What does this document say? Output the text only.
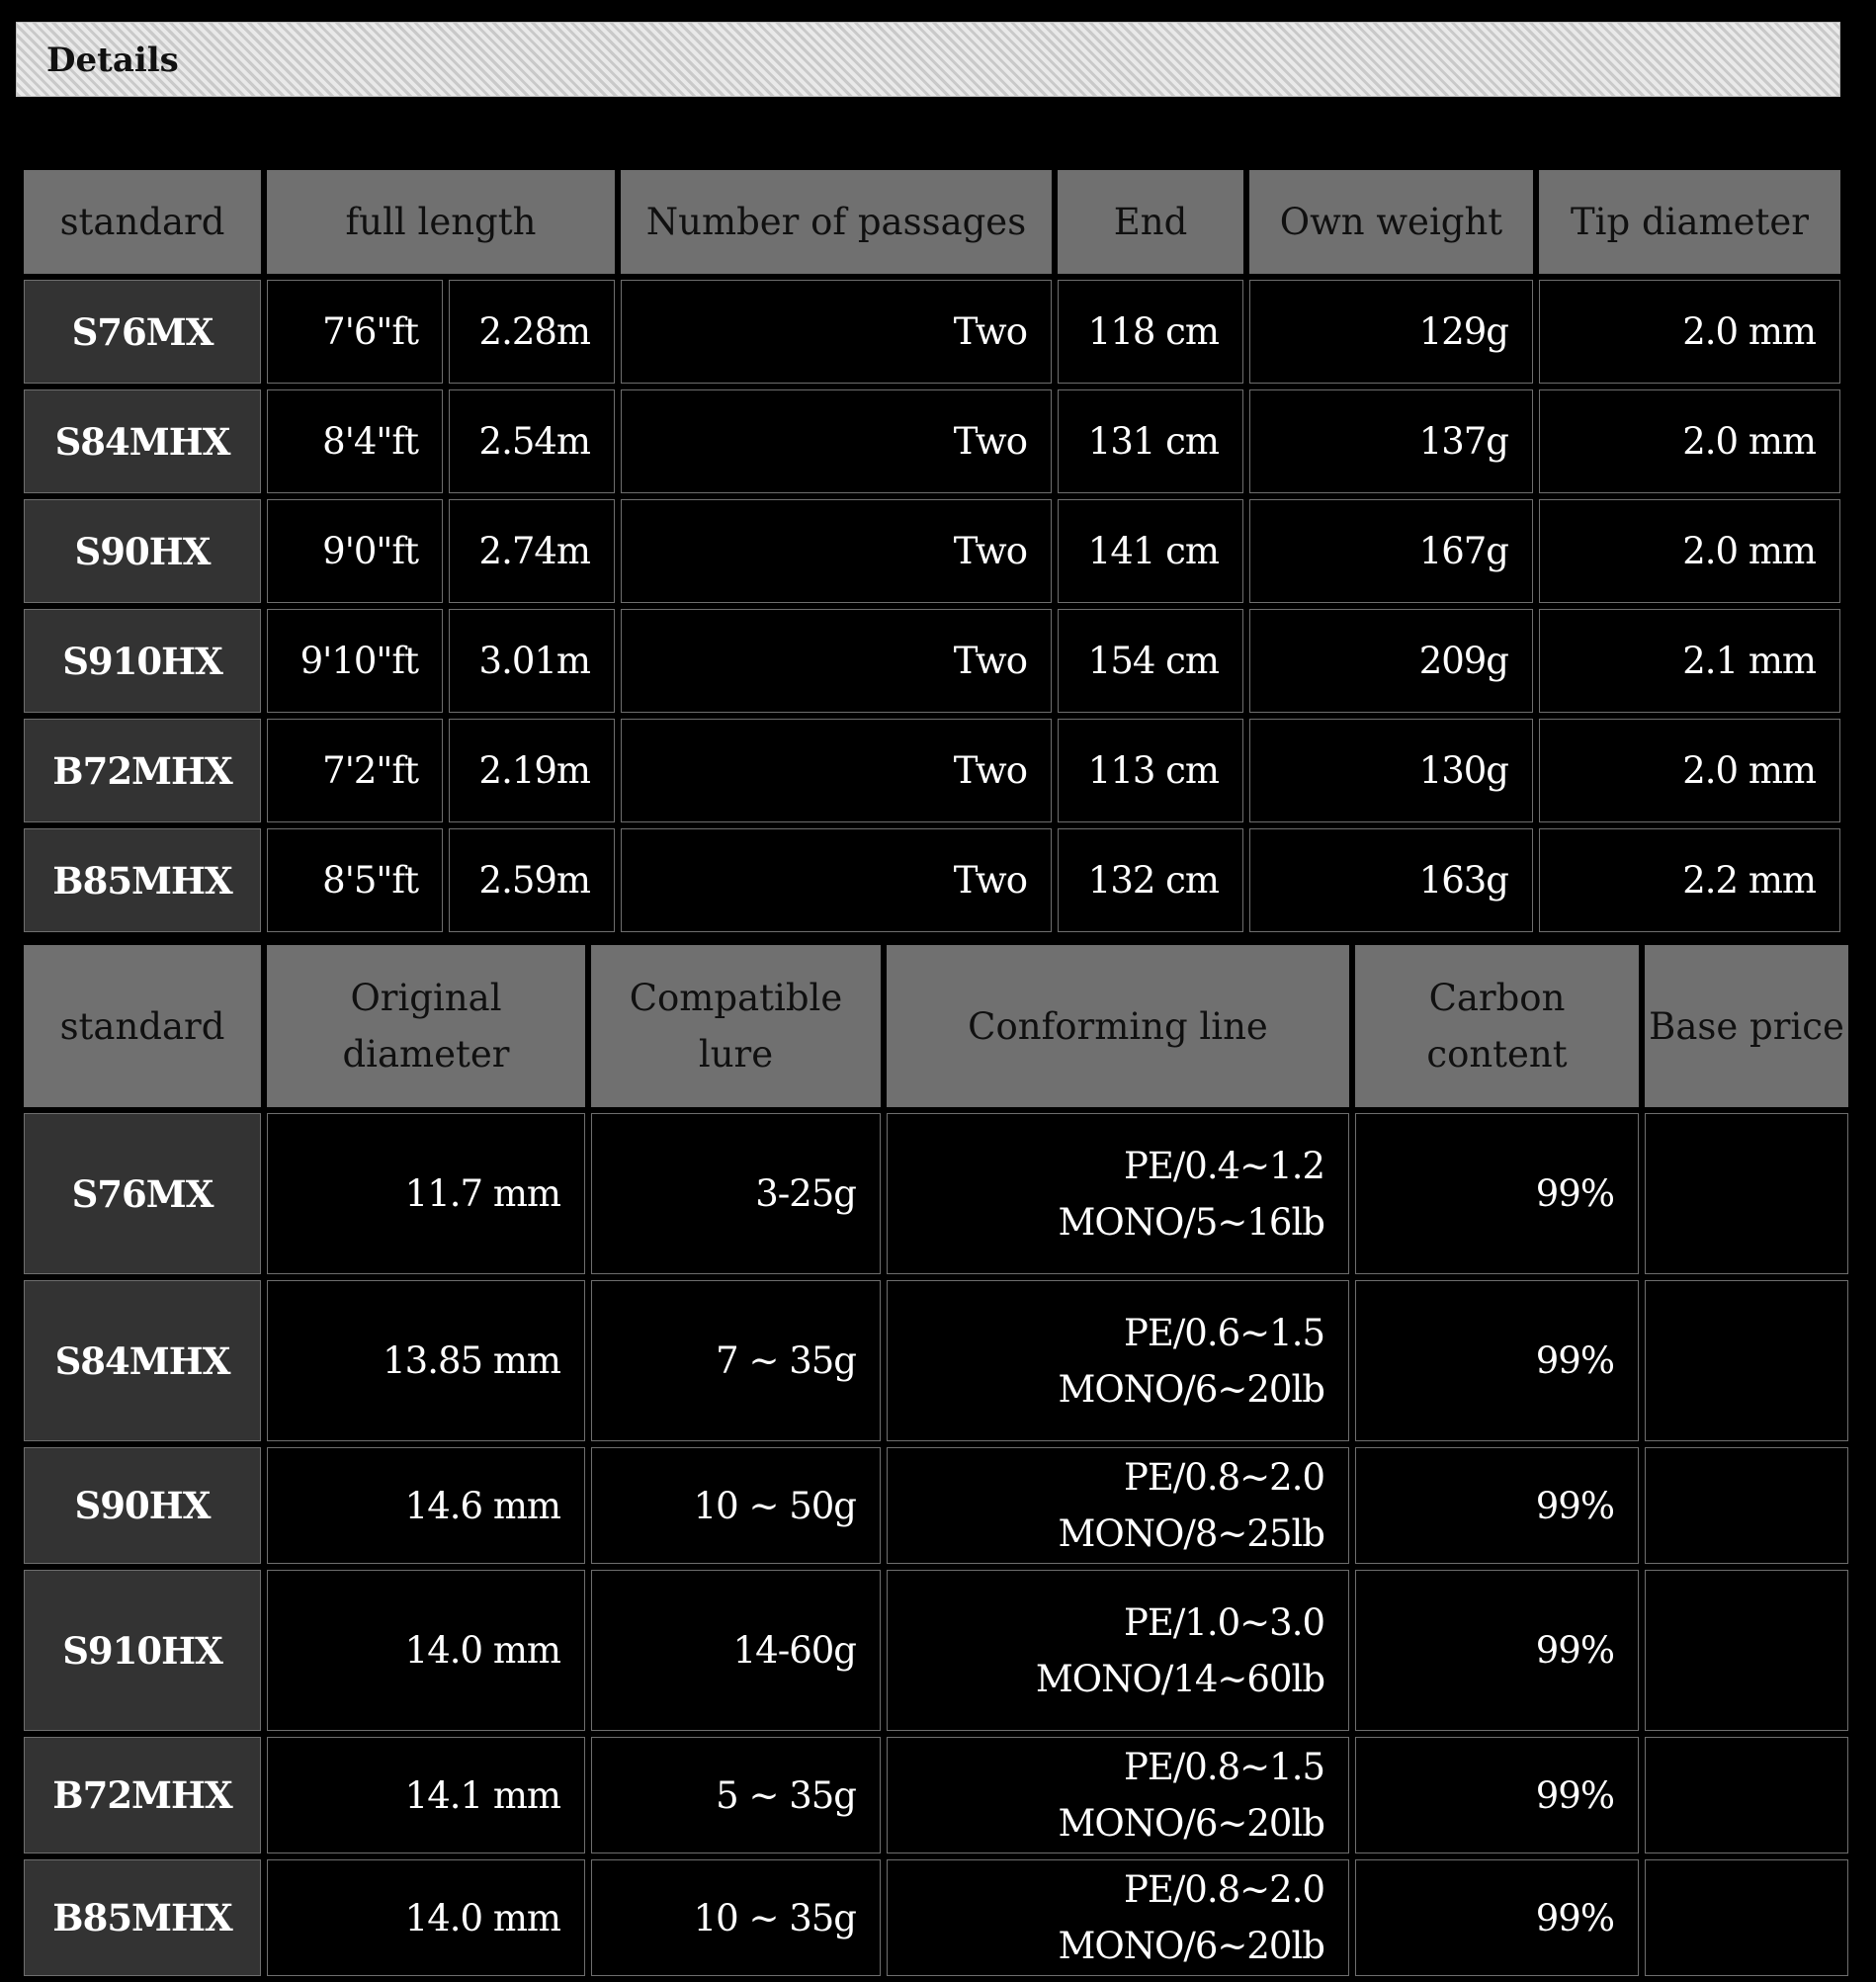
Details
standard	full length		Number of passages	End	Own weight	Tip diameter
S76MX	7'6"ft	2.28m	Two	118 cm	129g	2.0 mm
S84MHX	8'4"ft	2.54m	Two	131 cm	137g	2.0 mm
S90HX	9'0"ft	2.74m	Two	141 cm	167g	2.0 mm
S910HX	9'10"ft	3.01m	Two	154 cm	209g	2.1 mm
B72MHX	7'2"ft	2.19m	Two	113 cm	130g	2.0 mm
B85MHX	8'5"ft	2.59m	Two	132 cm	163g	2.2 mm
standard	Original diameter	Compatible lure	Conforming line	Carbon content	Base price
S76MX	11.7 mm	3-25g	PE/0.4~1.2 MONO/5~16lb	99%	
S84MHX	13.85 mm	7 ~ 35g	PE/0.6~1.5 MONO/6~20lb	99%	
S90HX	14.6 mm	10 ~ 50g	PE/0.8~2.0 MONO/8~25lb	99%	
S910HX	14.0 mm	14-60g	PE/1.0~3.0 MONO/14~60lb	99%	
B72MHX	14.1 mm	5 ~ 35g	PE/0.8~1.5 MONO/6~20lb	99%	
B85MHX	14.0 mm	10 ~ 35g	PE/0.8~2.0 MONO/6~20lb	99%	
